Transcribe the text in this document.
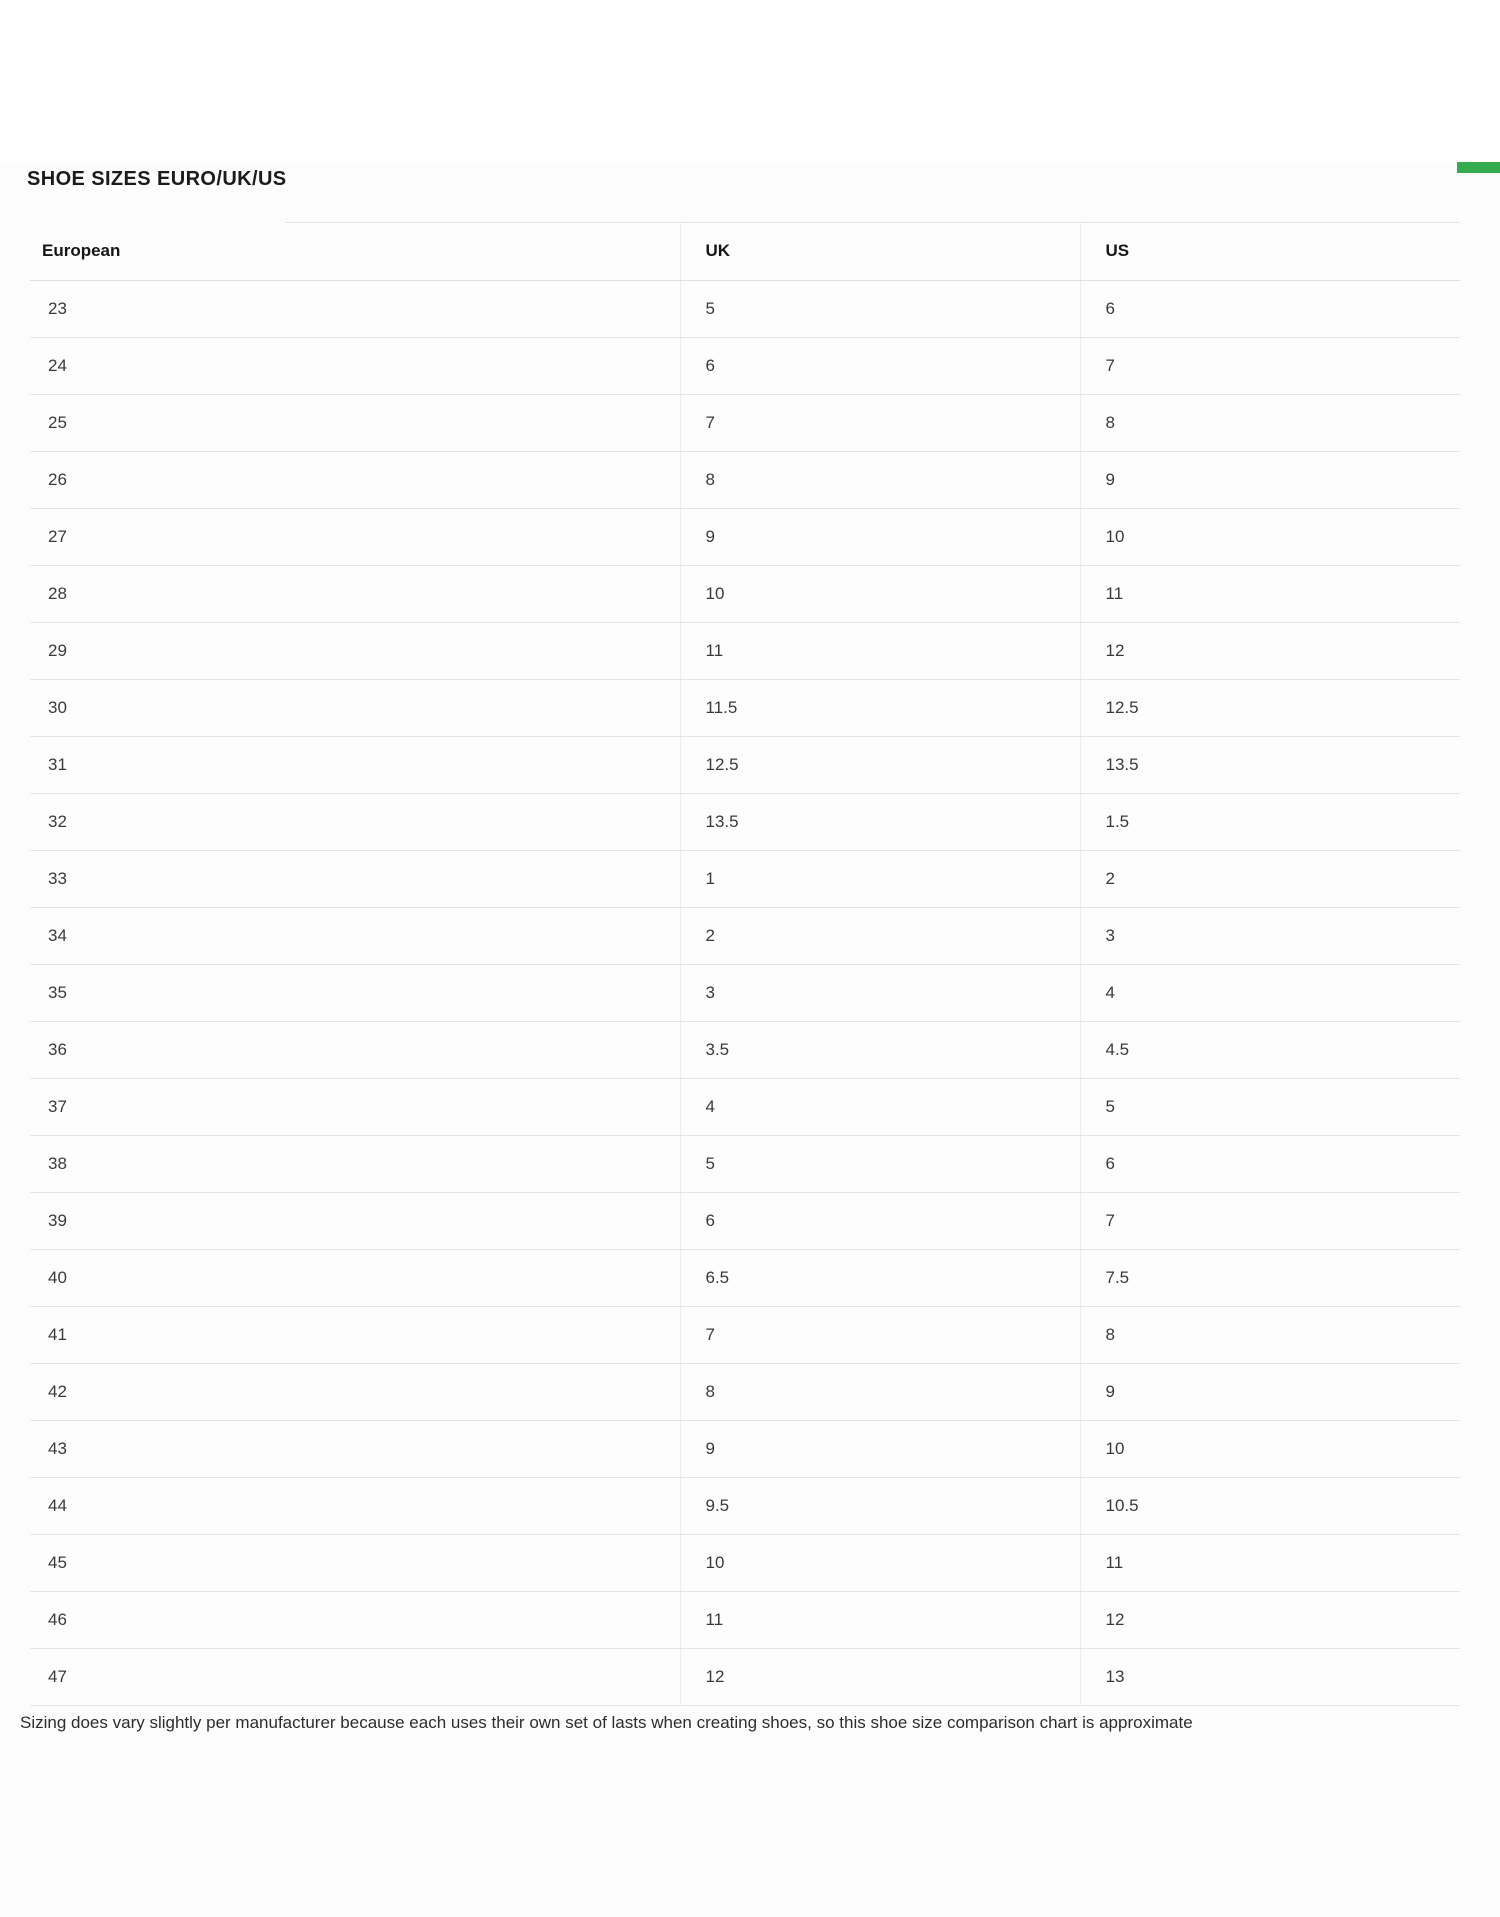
SHOE SIZES EURO/UK/US
European	UK	US
23	5	6
24	6	7
25	7	8
26	8	9
27	9	10
28	10	11
29	11	12
30	11.5	12.5
31	12.5	13.5
32	13.5	1.5
33	1	2
34	2	3
35	3	4
36	3.5	4.5
37	4	5
38	5	6
39	6	7
40	6.5	7.5
41	7	8
42	8	9
43	9	10
44	9.5	10.5
45	10	11
46	11	12
47	12	13
Sizing does vary slightly per manufacturer because each uses their own set of lasts when creating shoes, so this shoe size comparison chart is approximate
